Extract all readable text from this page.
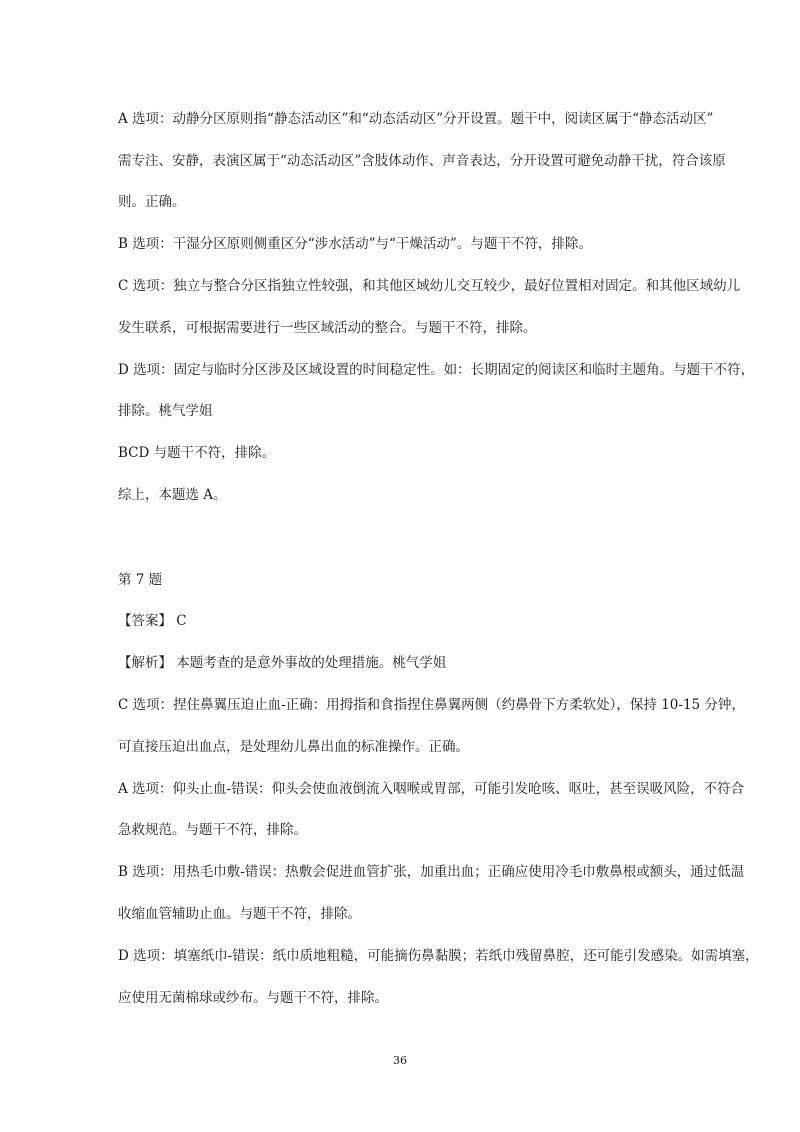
A 选项：动静分区原则指“静态活动区”和“动态活动区”分开设置。题干中，阅读区属于“静态活动区”
需专注、安静，表演区属于“动态活动区”含肢体动作、声音表达，分开设置可避免动静干扰，符合该原
则。正确。
B 选项：干湿分区原则侧重区分“涉水活动”与“干燥活动”。与题干不符，排除。
C 选项：独立与整合分区指独立性较强，和其他区域幼儿交互较少，最好位置相对固定。和其他区域幼儿
发生联系，可根据需要进行一些区域活动的整合。与题干不符，排除。
D 选项：固定与临时分区涉及区域设置的时间稳定性。如：长期固定的阅读区和临时主题角。与题干不符，
排除。桃气学姐
BCD 与题干不符，排除。
综上，本题选 A。
第 7 题
【答案】 C
【解析】 本题考查的是意外事故的处理措施。桃气学姐
C 选项：捏住鼻翼压迫止血-正确：用拇指和食指捏住鼻翼两侧（约鼻骨下方柔软处），保持 10-15 分钟，
可直接压迫出血点，是处理幼儿鼻出血的标准操作。正确。
A 选项：仰头止血-错误：仰头会使血液倒流入咽喉或胃部，可能引发呛咳、呕吐，甚至误吸风险，不符合
急救规范。与题干不符，排除。
B 选项：用热毛巾敷-错误：热敷会促进血管扩张，加重出血；正确应使用冷毛巾敷鼻根或额头，通过低温
收缩血管辅助止血。与题干不符，排除。
D 选项：填塞纸巾-错误：纸巾质地粗糙，可能摘伤鼻黏膜；若纸巾残留鼻腔，还可能引发感染。如需填塞，
应使用无菌棉球或纱布。与题干不符，排除。
36
